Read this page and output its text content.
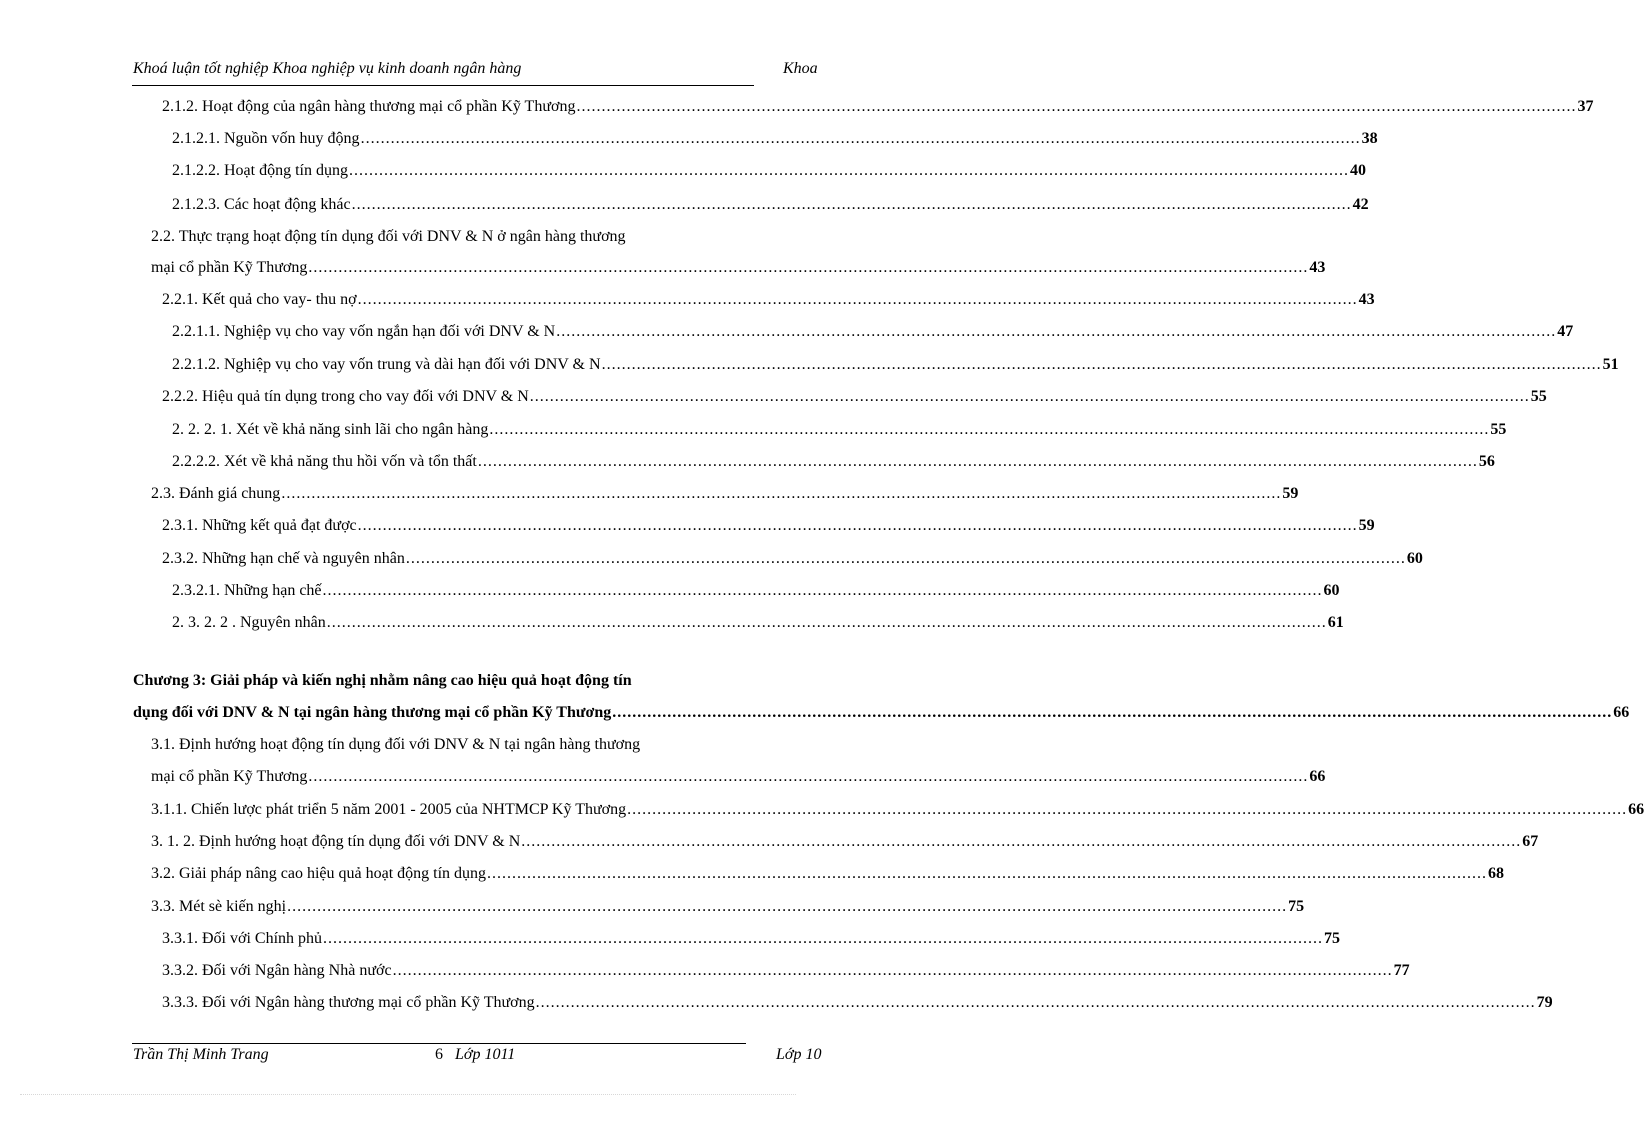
Khoá luận tốt nghiệp Khoa nghiệp vụ kinh doanh ngân hàng	Khoa
2.1.2. Hoạt động của ngân hàng thương mại cổ phần Kỹ Thương ........................................................................................................................................................................................................ 37
2.1.2.1. Nguồn vốn huy động ........................................................................................................................................................................................................ 38
2.1.2.2. Hoạt động tín dụng ........................................................................................................................................................................................................ 40
2.1.2.3. Các hoạt động khác ........................................................................................................................................................................................................ 42
2.2. Thực trạng hoạt động tín dụng đối với DNV & N ở ngân hàng thương
mại cổ phần Kỹ Thương ........................................................................................................................................................................................................ 43
2.2.1. Kết quả cho vay- thu nợ ........................................................................................................................................................................................................ 43
2.2.1.1. Nghiệp vụ cho vay vốn ngắn hạn đối với DNV & N ........................................................................................................................................................................................................ 47
2.2.1.2. Nghiệp vụ cho vay vốn trung và dài hạn đối với DNV & N ........................................................................................................................................................................................................ 51
2.2.2. Hiệu quả tín dụng trong cho vay đối với DNV & N ........................................................................................................................................................................................................ 55
2. 2. 2. 1. Xét về khả năng sinh lãi cho ngân hàng ........................................................................................................................................................................................................ 55
2.2.2.2. Xét về khả năng thu hồi vốn và tổn thất ........................................................................................................................................................................................................ 56
2.3. Đánh giá chung ........................................................................................................................................................................................................ 59
2.3.1. Những kết quả đạt được ........................................................................................................................................................................................................ 59
2.3.2. Những hạn chế và nguyên nhân ........................................................................................................................................................................................................ 60
2.3.2.1. Những hạn chế ........................................................................................................................................................................................................ 60
2. 3. 2. 2 . Nguyên nhân ........................................................................................................................................................................................................ 61
Chương 3: Giải pháp và kiến nghị nhằm nâng cao hiệu quả hoạt động tín
dụng đối với DNV & N tại ngân hàng thương mại cổ phần Kỹ Thương ........................................................................................................................................................................................................ 66
3.1. Định hướng hoạt động tín dụng đối với DNV & N tại ngân hàng thương
mại cổ phần Kỹ Thương ........................................................................................................................................................................................................ 66
3.1.1. Chiến lược phát triển 5 năm 2001 - 2005 của NHTMCP Kỹ Thương ........................................................................................................................................................................................................ 66
3. 1. 2. Định hướng hoạt động tín dụng đối với DNV & N ........................................................................................................................................................................................................ 67
3.2. Giải pháp nâng cao hiệu quả hoạt động tín dụng ........................................................................................................................................................................................................ 68
3.3. Mét sè kiến nghị ........................................................................................................................................................................................................ 75
3.3.1. Đối với Chính phủ ........................................................................................................................................................................................................ 75
3.3.2. Đối với Ngân hàng Nhà nước ........................................................................................................................................................................................................ 77
3.3.3. Đối với Ngân hàng thương mại cổ phần Kỹ Thương ........................................................................................................................................................................................................ 79
Trần Thị Minh Trang	6 Lớp 1011	Lớp 10
